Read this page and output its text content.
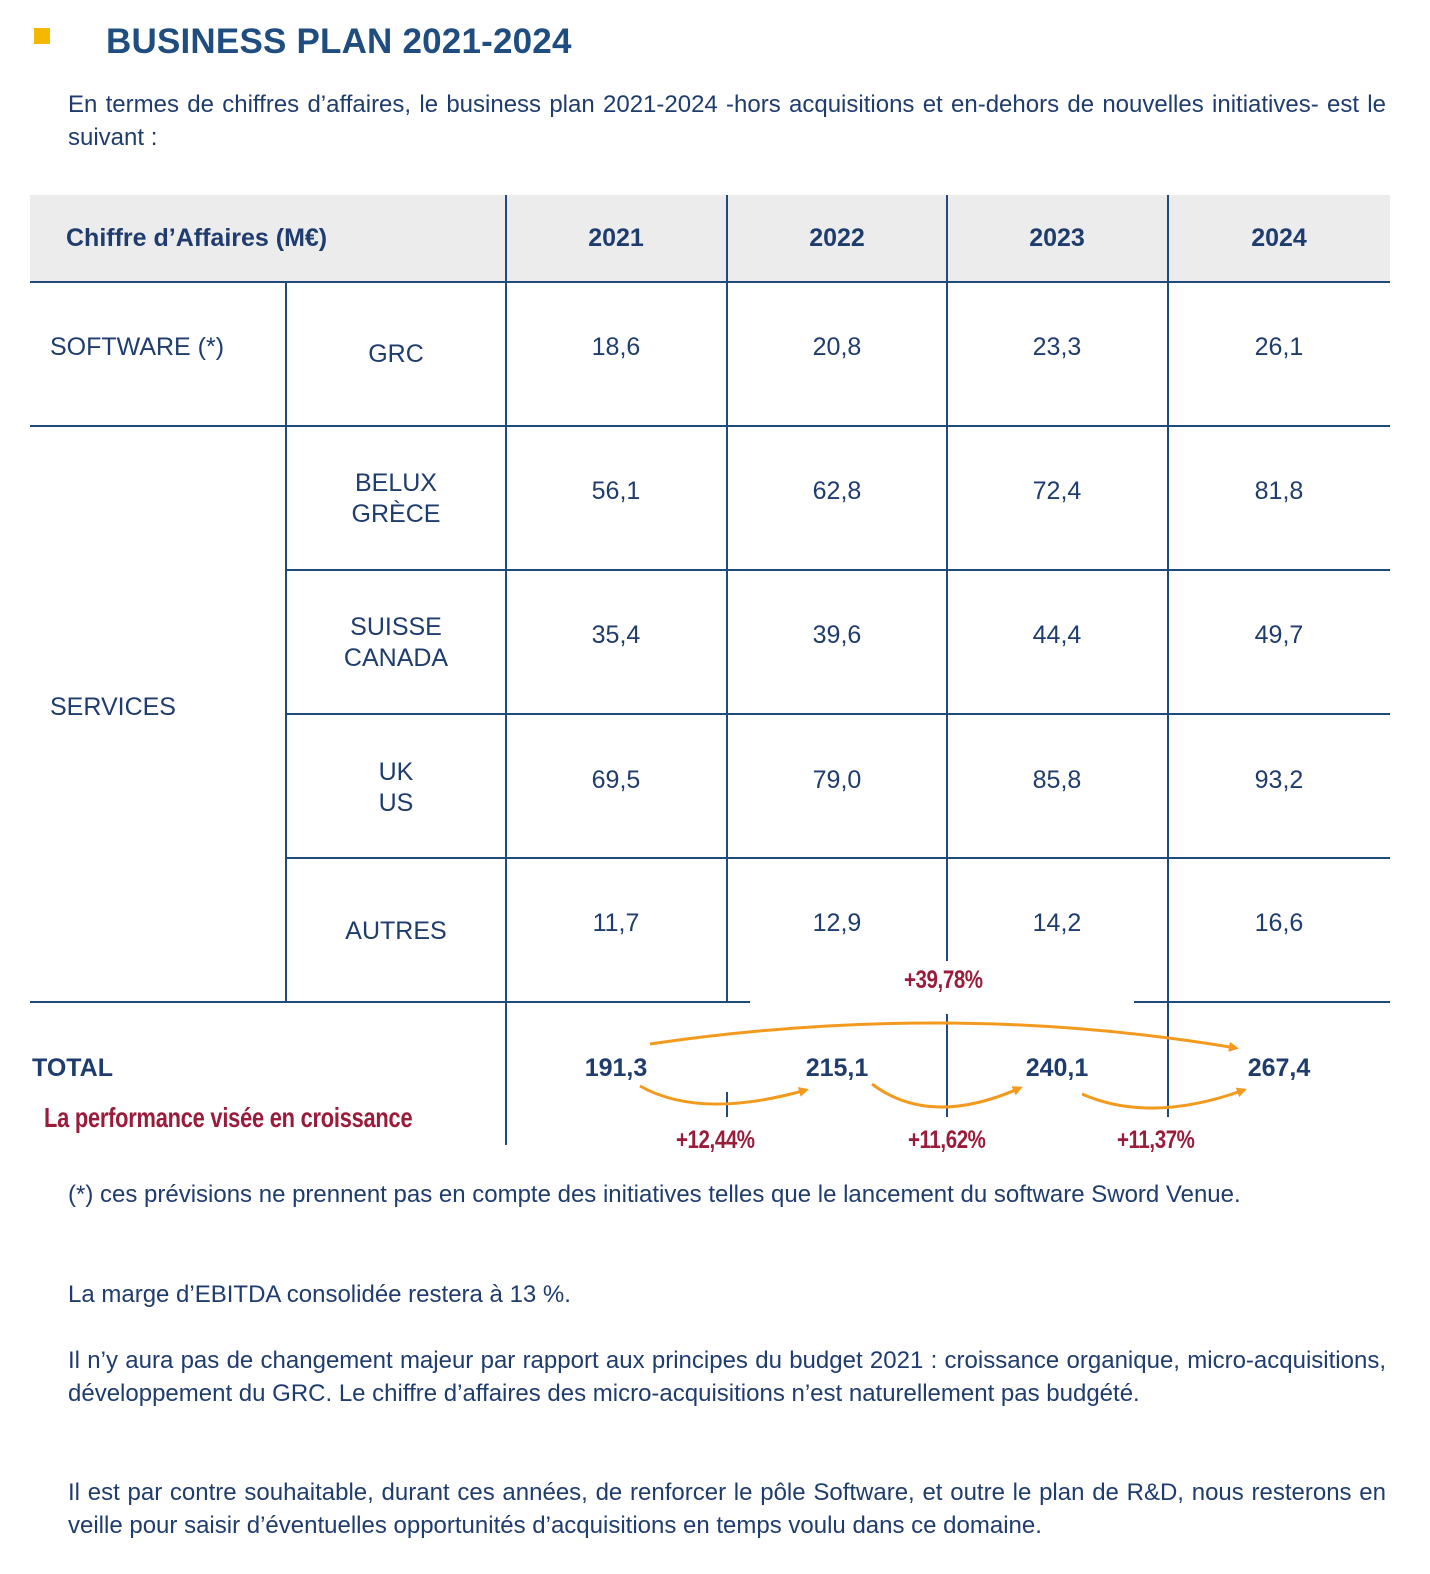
BUSINESS PLAN 2021-2024
En termes de chiffres d’affaires, le business plan 2021-2024 -hors acquisitions et en-dehors de nouvelles initiatives- est le suivant :
Chiffre d’Affaires (M€)	2021	2022	2023	2024
SOFTWARE (*)
SERVICES
GRC	18,6	20,8	23,3	26,1
BELUX
GRÈCE
56,1	62,8	72,4	81,8
SUISSE
CANADA
35,4	39,6	44,4	49,7
UK
US
69,5	79,0	85,8	93,2
AUTRES	11,7	12,9	14,2	16,6
TOTAL	191,3	215,1	240,1	267,4
+39,78%
+12,44%	+11,62%	+11,37%
La performance visée en croissance
(*) ces prévisions ne prennent pas en compte des initiatives telles que le lancement du software Sword Venue.
La marge d’EBITDA consolidée restera à 13 %.
Il n’y aura pas de changement majeur par rapport aux principes du budget 2021 : croissance organique, micro-acquisitions, développement du GRC. Le chiffre d’affaires des micro-acquisitions n’est naturellement pas budgété.
Il est par contre souhaitable, durant ces années, de renforcer le pôle Software, et outre le plan de R&D, nous resterons en veille pour saisir d’éventuelles opportunités d’acquisitions en temps voulu dans ce domaine.
